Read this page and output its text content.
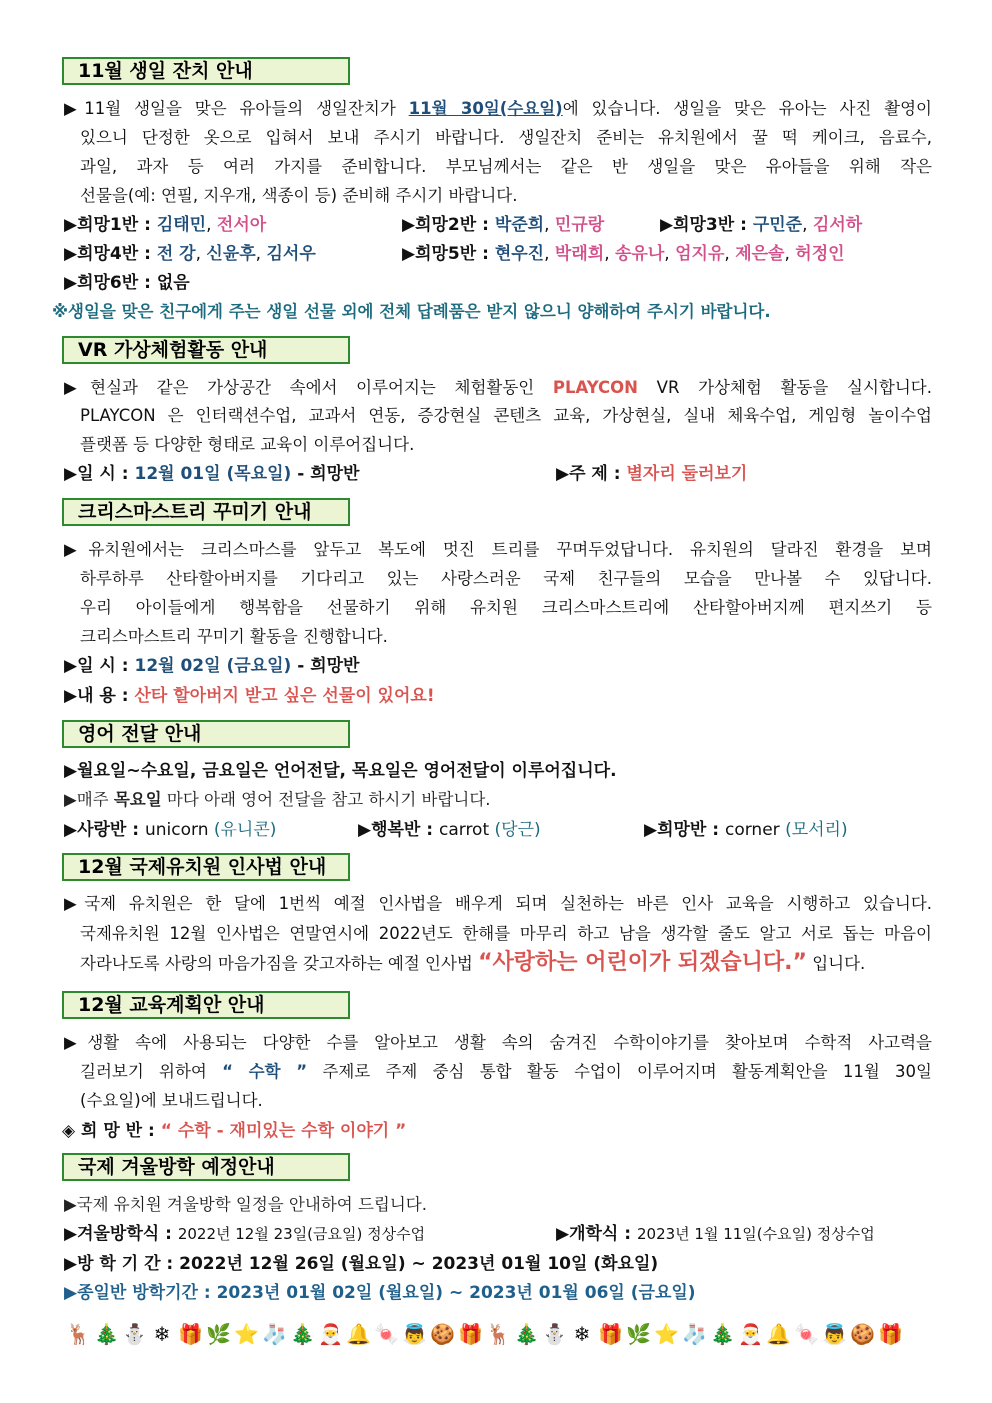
11월 생일 잔치 안내
▶11월 생일을 맞은 유아들의 생일잔치가 11월 30일(수요일)에 있습니다. 생일을 맞은 유아는 사진 촬영이
있으니 단정한 옷으로 입혀서 보내 주시기 바랍니다. 생일잔치 준비는 유치원에서 꿀 떡 케이크, 음료수,
과일, 과자 등 여러 가지를 준비합니다. 부모님께서는 같은 반 생일을 맞은 유아들을 위해 작은
선물을(예: 연필, 지우개, 색종이 등) 준비해 주시기 바랍니다.
▶희망1반 : 김태민, 전서아	▶희망2반 : 박준희, 민규랑	▶희망3반 : 구민준, 김서하
▶희망4반 : 전 강, 신윤후, 김서우	▶희망5반 : 현우진, 박래희, 송유나, 엄지유, 제은솔, 허정인
▶희망6반 : 없음
※생일을 맞은 친구에게 주는 생일 선물 외에 전체 답례품은 받지 않으니 양해하여 주시기 바랍니다.
VR 가상체험활동 안내
▶현실과 같은 가상공간 속에서 이루어지는 체험활동인 PLAYCON VR 가상체험 활동을 실시합니다.
PLAYCON 은 인터랙션수업, 교과서 연동, 증강현실 콘텐츠 교육, 가상현실, 실내 체육수업, 게임형 놀이수업
플랫폼 등 다양한 형태로 교육이 이루어집니다.
▶일 시 : 12월 01일 (목요일) - 희망반	▶주 제 : 별자리 둘러보기
크리스마스트리 꾸미기 안내
▶유치원에서는 크리스마스를 앞두고 복도에 멋진 트리를 꾸며두었답니다. 유치원의 달라진 환경을 보며
하루하루 산타할아버지를 기다리고 있는 사랑스러운 국제 친구들의 모습을 만나볼 수 있답니다.
우리 아이들에게 행복함을 선물하기 위해 유치원 크리스마스트리에 산타할아버지께 편지쓰기 등
크리스마스트리 꾸미기 활동을 진행합니다.
▶일 시 : 12월 02일 (금요일) - 희망반
▶내 용 : 산타 할아버지 받고 싶은 선물이 있어요!
영어 전달 안내
▶월요일~수요일, 금요일은 언어전달, 목요일은 영어전달이 이루어집니다.
▶매주 목요일 마다 아래 영어 전달을 참고 하시기 바랍니다.
▶사랑반 : unicorn (유니콘)	▶행복반 : carrot (당근)	▶희망반 : corner (모서리)
12월 국제유치원 인사법 안내
▶국제 유치원은 한 달에 1번씩 예절 인사법을 배우게 되며 실천하는 바른 인사 교육을 시행하고 있습니다.
국제유치원 12월 인사법은 연말연시에 2022년도 한해를 마무리 하고 남을 생각할 줄도 알고 서로 돕는 마음이
자라나도록 사랑의 마음가짐을 갖고자하는 예절 인사법 “사랑하는 어린이가 되겠습니다.” 입니다.
12월 교육계획안 안내
▶생활 속에 사용되는 다양한 수를 알아보고 생활 속의 숨겨진 수학이야기를 찾아보며 수학적 사고력을
길러보기 위하여 “ 수학 ” 주제로 주제 중심 통합 활동 수업이 이루어지며 활동계획안을 11월 30일
(수요일)에 보내드립니다.
◈ 희 망 반 : “ 수학 - 재미있는 수학 이야기 ”
국제 겨울방학 예정안내
▶국제 유치원 겨울방학 일정을 안내하여 드립니다.
▶겨울방학식 : 2022년 12월 23일(금요일) 정상수업	▶개학식 : 2023년 1월 11일(수요일) 정상수업
▶방 학 기 간 : 2022년 12월 26일 (월요일) ~ 2023년 01월 10일 (화요일)
▶종일반 방학기간 : 2023년 01월 02일 (월요일) ~ 2023년 01월 06일 (금요일)
🦌 🎄 ⛄ ❄ 🎁 🌿 ⭐ 🧦 🎄 🎅 🔔 🍬 👼 🍪 🎁 🦌 🎄 ⛄ ❄ 🎁 🌿 ⭐ 🧦 🎄 🎅 🔔 🍬 👼 🍪 🎁
